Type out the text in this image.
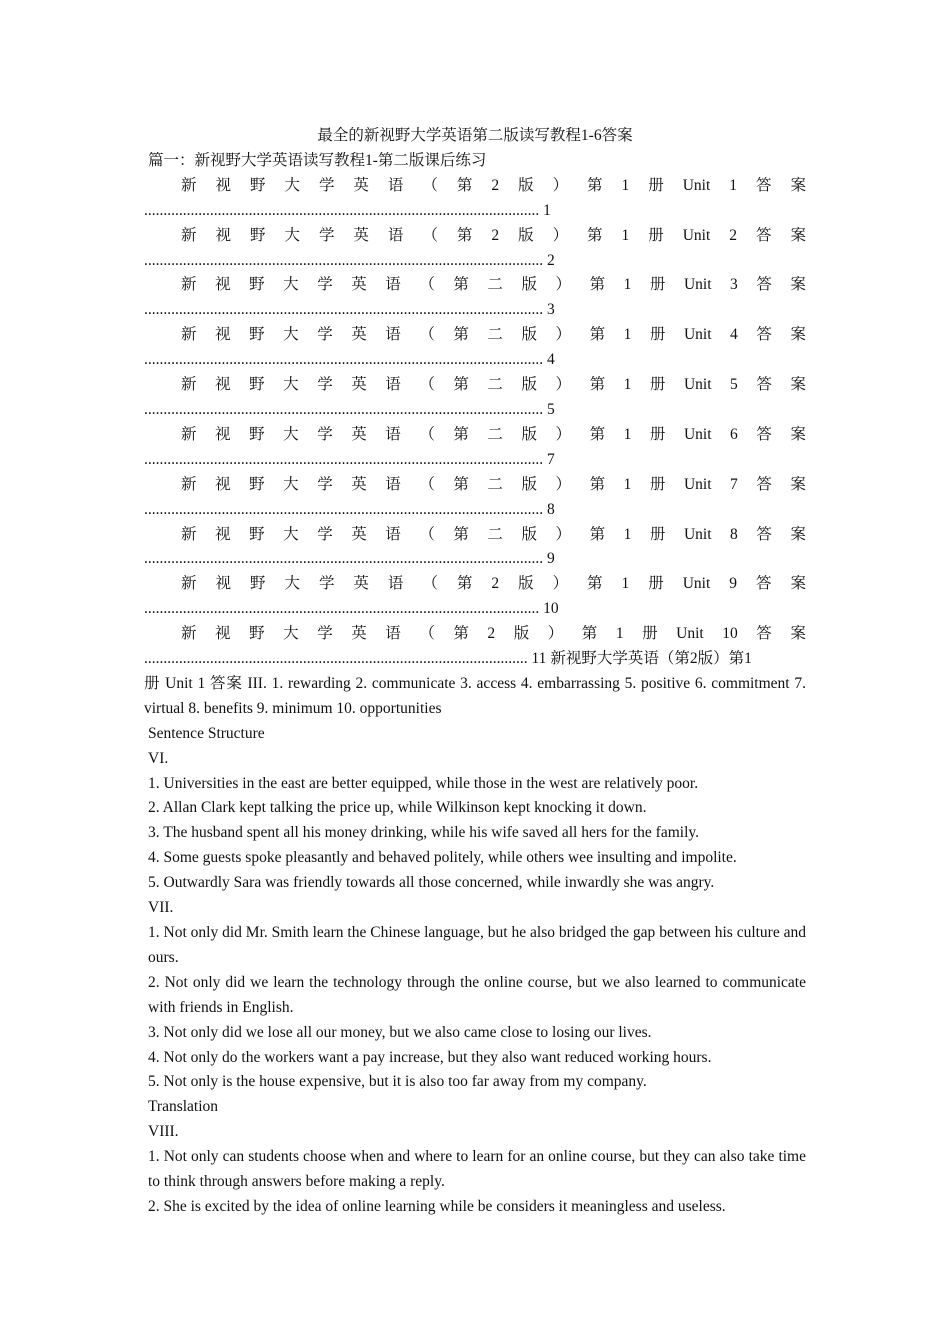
最全的新视野大学英语第二版读写教程1-6答案
篇一：新视野大学英语读写教程1-第二版课后练习
新 视 野 大 学 英 语 （ 第 2 版 ） 第 1 册 Unit 1 答 案
...................................................................................................... 1
新 视 野 大 学 英 语 （ 第 2 版 ） 第 1 册 Unit 2 答 案
....................................................................................................... 2
新 视 野 大 学 英 语 （ 第 二 版 ） 第 1 册 Unit 3 答 案
....................................................................................................... 3
新 视 野 大 学 英 语 （ 第 二 版 ） 第 1 册 Unit 4 答 案
....................................................................................................... 4
新 视 野 大 学 英 语 （ 第 二 版 ） 第 1 册 Unit 5 答 案
....................................................................................................... 5
新 视 野 大 学 英 语 （ 第 二 版 ） 第 1 册 Unit 6 答 案
....................................................................................................... 7
新 视 野 大 学 英 语 （ 第 二 版 ） 第 1 册 Unit 7 答 案
....................................................................................................... 8
新 视 野 大 学 英 语 （ 第 二 版 ） 第 1 册 Unit 8 答 案
....................................................................................................... 9
新 视 野 大 学 英 语 （ 第 2 版 ） 第 1 册 Unit 9 答 案
...................................................................................................... 10
新 视 野 大 学 英 语 （ 第 2 版 ） 第 1 册 Unit 10 答 案
................................................................................................... 11 新视野大学英语（第2版）第1
册 Unit 1 答案 III. 1. rewarding 2. communicate 3. access 4. embarrassing 5. positive 6. commitment 7. virtual 8. benefits 9. minimum 10. opportunities
Sentence Structure
VI.
1. Universities in the east are better equipped, while those in the west are relatively poor.
2. Allan Clark kept talking the price up, while Wilkinson kept knocking it down.
3. The husband spent all his money drinking, while his wife saved all hers for the family.
4. Some guests spoke pleasantly and behaved politely, while others wee insulting and impolite.
5. Outwardly Sara was friendly towards all those concerned, while inwardly she was angry.
VII.
1. Not only did Mr. Smith learn the Chinese language, but he also bridged the gap between his culture and ours.
2. Not only did we learn the technology through the online course, but we also learned to communicate with friends in English.
3. Not only did we lose all our money, but we also came close to losing our lives.
4. Not only do the workers want a pay increase, but they also want reduced working hours.
5. Not only is the house expensive, but it is also too far away from my company.
Translation
VIII.
1. Not only can students choose when and where to learn for an online course, but they can also take time to think through answers before making a reply.
2. She is excited by the idea of online learning while be considers it meaningless and useless.
